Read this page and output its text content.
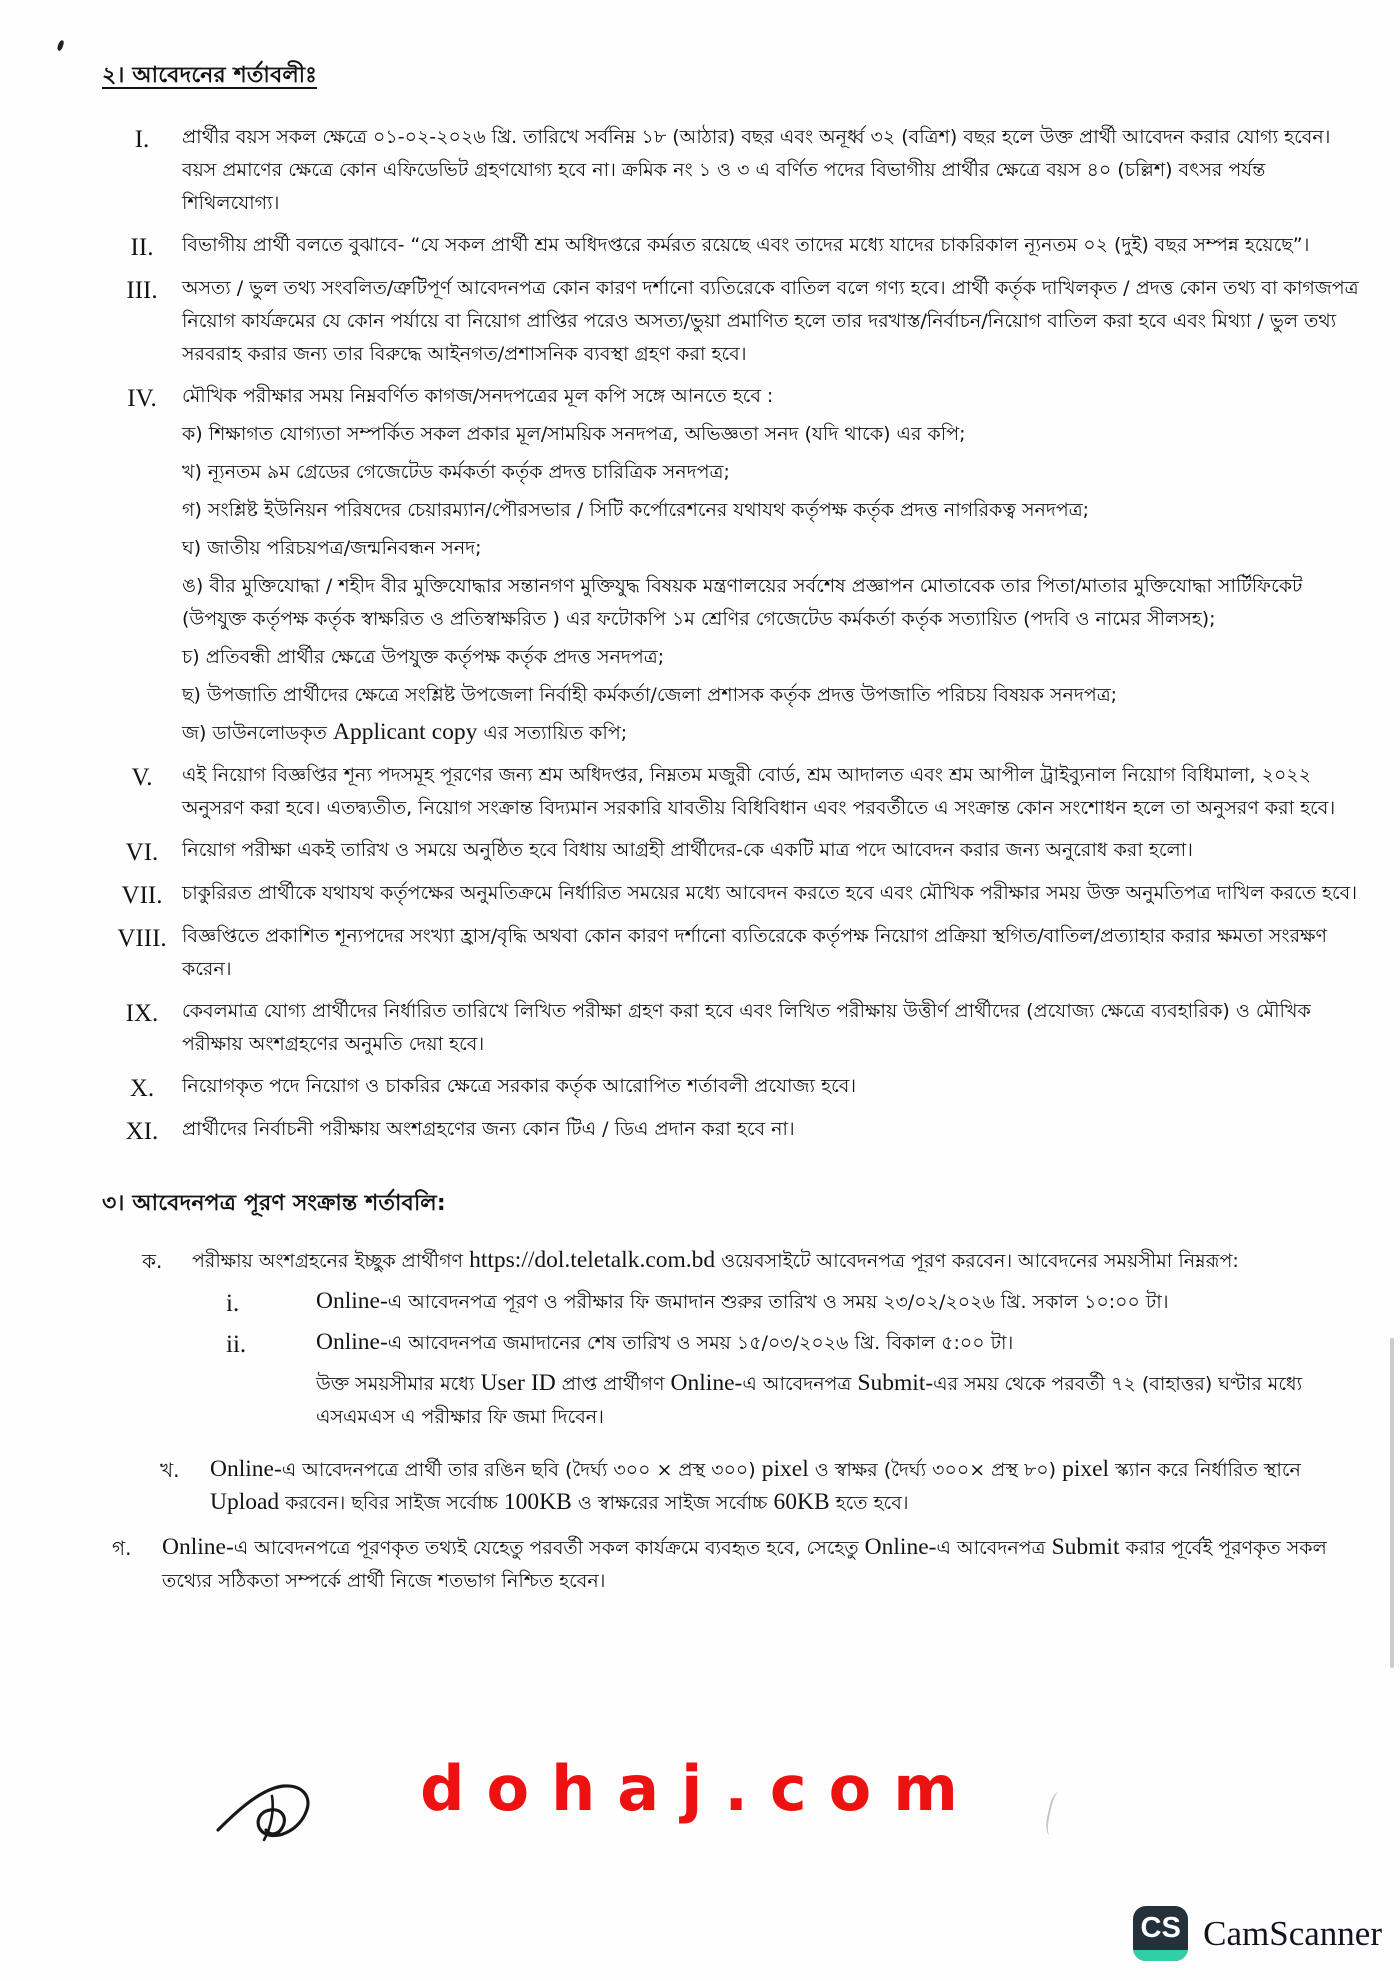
২। আবেদনের শর্তাবলীঃ
I.	প্রার্থীর বয়স সকল ক্ষেত্রে ০১-০২-২০২৬ খ্রি. তারিখে সর্বনিম্ন ১৮ (আঠার) বছর এবং অনূর্ধ্ব ৩২ (বত্রিশ) বছর হলে উক্ত প্রার্থী আবেদন করার যোগ্য হবেন। বয়স প্রমাণের ক্ষেত্রে কোন এফিডেভিট গ্রহণযোগ্য হবে না। ক্রমিক নং ১ ও ৩ এ বর্ণিত পদের বিভাগীয় প্রার্থীর ক্ষেত্রে বয়স ৪০ (চল্লিশ) বৎসর পর্যন্ত শিথিলযোগ্য।
II.	বিভাগীয় প্রার্থী বলতে বুঝাবে- “যে সকল প্রার্থী শ্রম অধিদপ্তরে কর্মরত রয়েছে এবং তাদের মধ্যে যাদের চাকরিকাল ন্যূনতম ০২ (দুই) বছর সম্পন্ন হয়েছে”।
III.	অসত্য / ভুল তথ্য সংবলিত/ত্রুটিপূর্ণ আবেদনপত্র কোন কারণ দর্শানো ব্যতিরেকে বাতিল বলে গণ্য হবে। প্রার্থী কর্তৃক দাখিলকৃত / প্রদত্ত কোন তথ্য বা কাগজপত্র নিয়োগ কার্যক্রমের যে কোন পর্যায়ে বা নিয়োগ প্রাপ্তির পরেও অসত্য/ভুয়া প্রমাণিত হলে তার দরখাস্ত/নির্বাচন/নিয়োগ বাতিল করা হবে এবং মিথ্যা / ভুল তথ্য সরবরাহ করার জন্য তার বিরুদ্ধে আইনগত/প্রশাসনিক ব্যবস্থা গ্রহণ করা হবে।
IV.	মৌখিক পরীক্ষার সময় নিম্নবর্ণিত কাগজ/সনদপত্রের মূল কপি সঙ্গে আনতে হবে :
ক) শিক্ষাগত যোগ্যতা সম্পর্কিত সকল প্রকার মূল/সাময়িক সনদপত্র, অভিজ্ঞতা সনদ (যদি থাকে) এর কপি;
খ) ন্যূনতম ৯ম গ্রেডের গেজেটেড কর্মকর্তা কর্তৃক প্রদত্ত চারিত্রিক সনদপত্র;
গ) সংশ্লিষ্ট ইউনিয়ন পরিষদের চেয়ারম্যান/পৌরসভার / সিটি কর্পোরেশনের যথাযথ কর্তৃপক্ষ কর্তৃক প্রদত্ত নাগরিকত্ব সনদপত্র;
ঘ) জাতীয় পরিচয়পত্র/জন্মনিবন্ধন সনদ;
ঙ) বীর মুক্তিযোদ্ধা / শহীদ বীর মুক্তিযোদ্ধার সন্তানগণ মুক্তিযুদ্ধ বিষয়ক মন্ত্রণালয়ের সর্বশেষ প্রজ্ঞাপন মোতাবেক তার পিতা/মাতার মুক্তিযোদ্ধা সার্টিফিকেট (উপযুক্ত কর্তৃপক্ষ কর্তৃক স্বাক্ষরিত ও প্রতিস্বাক্ষরিত ) এর ফটোকপি ১ম শ্রেণির গেজেটেড কর্মকর্তা কর্তৃক সত্যায়িত (পদবি ও নামের সীলসহ);
চ) প্রতিবন্ধী প্রার্থীর ক্ষেত্রে উপযুক্ত কর্তৃপক্ষ কর্তৃক প্রদত্ত সনদপত্র;
ছ) উপজাতি প্রার্থীদের ক্ষেত্রে সংশ্লিষ্ট উপজেলা নির্বাহী কর্মকর্তা/জেলা প্রশাসক কর্তৃক প্রদত্ত উপজাতি পরিচয় বিষয়ক সনদপত্র;
জ) ডাউনলোডকৃত Applicant copy এর সত্যায়িত কপি;
V.	এই নিয়োগ বিজ্ঞপ্তির শূন্য পদসমূহ পূরণের জন্য শ্রম অধিদপ্তর, নিম্নতম মজুরী বোর্ড, শ্রম আদালত এবং শ্রম আপীল ট্রাইব্যুনাল নিয়োগ বিধিমালা, ২০২২ অনুসরণ করা হবে। এতদ্ব্যতীত, নিয়োগ সংক্রান্ত বিদ্যমান সরকারি যাবতীয় বিধিবিধান এবং পরবর্তীতে এ সংক্রান্ত কোন সংশোধন হলে তা অনুসরণ করা হবে।
VI.	নিয়োগ পরীক্ষা একই তারিখ ও সময়ে অনুষ্ঠিত হবে বিধায় আগ্রহী প্রার্থীদের-কে একটি মাত্র পদে আবেদন করার জন্য অনুরোধ করা হলো।
VII.	চাকুরিরত প্রার্থীকে যথাযথ কর্তৃপক্ষের অনুমতিক্রমে নির্ধারিত সময়ের মধ্যে আবেদন করতে হবে এবং মৌখিক পরীক্ষার সময় উক্ত অনুমতিপত্র দাখিল করতে হবে।
VIII. বিজ্ঞপ্তিতে প্রকাশিত শূন্যপদের সংখ্যা হ্রাস/বৃদ্ধি অথবা কোন কারণ দর্শানো ব্যতিরেকে কর্তৃপক্ষ নিয়োগ প্রক্রিয়া স্থগিত/বাতিল/প্রত্যাহার করার ক্ষমতা সংরক্ষণ করেন।
IX.	কেবলমাত্র যোগ্য প্রার্থীদের নির্ধারিত তারিখে লিখিত পরীক্ষা গ্রহণ করা হবে এবং লিখিত পরীক্ষায় উত্তীর্ণ প্রার্থীদের (প্রযোজ্য ক্ষেত্রে ব্যবহারিক) ও মৌখিক পরীক্ষায় অংশগ্রহণের অনুমতি দেয়া হবে।
X.	নিয়োগকৃত পদে নিয়োগ ও চাকরির ক্ষেত্রে সরকার কর্তৃক আরোপিত শর্তাবলী প্রযোজ্য হবে।
XI.	প্রার্থীদের নির্বাচনী পরীক্ষায় অংশগ্রহণের জন্য কোন টিএ / ডিএ প্রদান করা হবে না।
৩। আবেদনপত্র পূরণ সংক্রান্ত শর্তাবলি:
ক.	পরীক্ষায় অংশগ্রহনের ইচ্ছুক প্রার্থীগণ https://dol.teletalk.com.bd ওয়েবসাইটে আবেদনপত্র পূরণ করবেন। আবেদনের সময়সীমা নিম্নরূপ:
i.	Online-এ আবেদনপত্র পূরণ ও পরীক্ষার ফি জমাদান শুরুর তারিখ ও সময় ২৩/০২/২০২৬ খ্রি. সকাল ১০:০০ টা।
ii.	Online-এ আবেদনপত্র জমাদানের শেষ তারিখ ও সময় ১৫/০৩/২০২৬ খ্রি. বিকাল ৫:০০ টা।
উক্ত সময়সীমার মধ্যে User ID প্রাপ্ত প্রার্থীগণ Online-এ আবেদনপত্র Submit-এর সময় থেকে পরবর্তী ৭২ (বাহাত্তর) ঘণ্টার মধ্যে এসএমএস এ পরীক্ষার ফি জমা দিবেন।
খ.	Online-এ আবেদনপত্রে প্রার্থী তার রঙিন ছবি (দৈর্ঘ্য ৩০০ × প্রস্থ ৩০০) pixel ও স্বাক্ষর (দৈর্ঘ্য ৩০০× প্রস্থ ৮০) pixel স্ক্যান করে নির্ধারিত স্থানে Upload করবেন। ছবির সাইজ সর্বোচ্চ 100KB ও স্বাক্ষরের সাইজ সর্বোচ্চ 60KB হতে হবে।
গ.	Online-এ আবেদনপত্রে পূরণকৃত তথ্যই যেহেতু পরবর্তী সকল কার্যক্রমে ব্যবহৃত হবে, সেহেতু Online-এ আবেদনপত্র Submit করার পূর্বেই পূরণকৃত সকল তথ্যের সঠিকতা সম্পর্কে প্রার্থী নিজে শতভাগ নিশ্চিত হবেন।
dohaj.com
CS CamScanner
